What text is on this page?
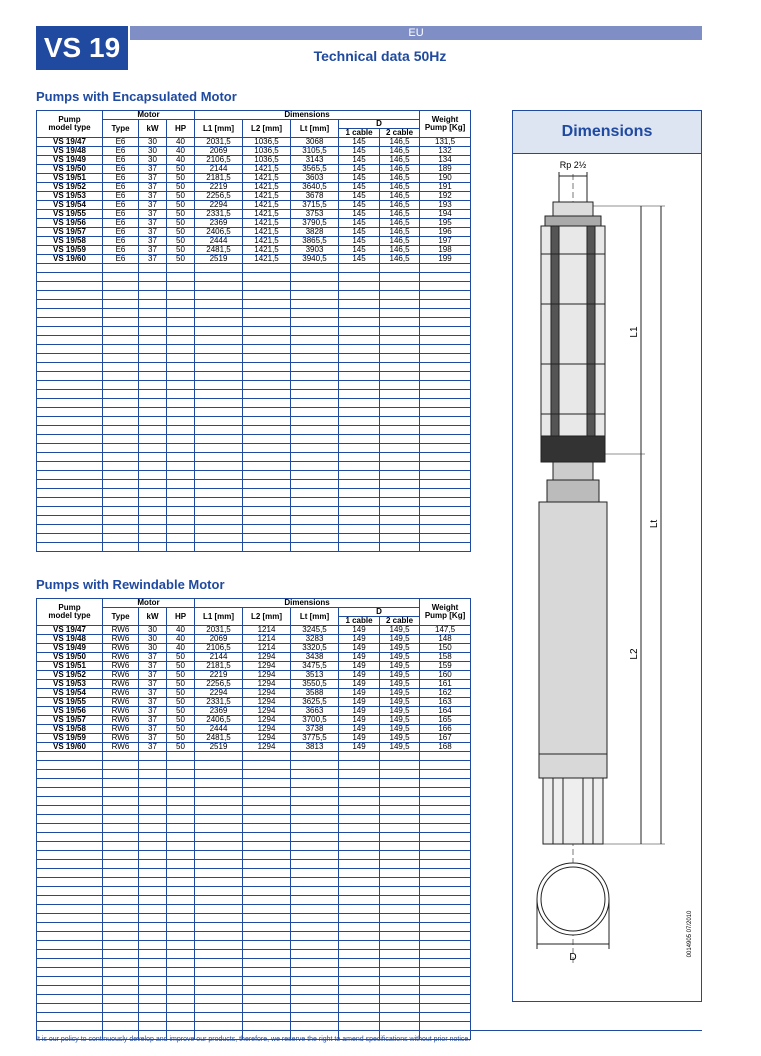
VS 19	EU
Technical data 50Hz
Pumps with Encapsulated Motor
Pump
model type	Motor			Dimensions					Weight
Pump [Kg]
	Type	kW	HP	L1 [mm]	L2 [mm]	Lt [mm]	D		
							1 cable	2 cable	
VS 19/47	E6	30	40	2031,5	1036,5	3068	145	146,5	131,5
VS 19/48	E6	30	40	2069	1036,5	3105,5	145	146,5	132
VS 19/49	E6	30	40	2106,5	1036,5	3143	145	146,5	134
VS 19/50	E6	37	50	2144	1421,5	3565,5	145	146,5	189
VS 19/51	E6	37	50	2181,5	1421,5	3603	145	146,5	190
VS 19/52	E6	37	50	2219	1421,5	3640,5	145	146,5	191
VS 19/53	E6	37	50	2256,5	1421,5	3678	145	146,5	192
VS 19/54	E6	37	50	2294	1421,5	3715,5	145	146,5	193
VS 19/55	E6	37	50	2331,5	1421,5	3753	145	146,5	194
VS 19/56	E6	37	50	2369	1421,5	3790,5	145	146,5	195
VS 19/57	E6	37	50	2406,5	1421,5	3828	145	146,5	196
VS 19/58	E6	37	50	2444	1421,5	3865,5	145	146,5	197
VS 19/59	E6	37	50	2481,5	1421,5	3903	145	146,5	198
VS 19/60	E6	37	50	2519	1421,5	3940,5	145	146,5	199

Pumps with Rewindable Motor
Pump
model type	Motor			Dimensions					Weight
Pump [Kg]
	Type	kW	HP	L1 [mm]	L2 [mm]	Lt [mm]	D		
							1 cable	2 cable	
VS 19/47	RW6	30	40	2031,5	1214	3245,5	149	149,5	147,5
VS 19/48	RW6	30	40	2069	1214	3283	149	149,5	148
VS 19/49	RW6	30	40	2106,5	1214	3320,5	149	149,5	150
VS 19/50	RW6	37	50	2144	1294	3438	149	149,5	158
VS 19/51	RW6	37	50	2181,5	1294	3475,5	149	149,5	159
VS 19/52	RW6	37	50	2219	1294	3513	149	149,5	160
VS 19/53	RW6	37	50	2256,5	1294	3550,5	149	149,5	161
VS 19/54	RW6	37	50	2294	1294	3588	149	149,5	162
VS 19/55	RW6	37	50	2331,5	1294	3625,5	149	149,5	163
VS 19/56	RW6	37	50	2369	1294	3663	149	149,5	164
VS 19/57	RW6	37	50	2406,5	1294	3700,5	149	149,5	165
VS 19/58	RW6	37	50	2444	1294	3738	149	149,5	166
VS 19/59	RW6	37	50	2481,5	1294	3775,5	149	149,5	167
VS 19/60	RW6	37	50	2519	1294	3813	149	149,5	168

Dimensions
Rp 2½
L1
Lt
L2
D
0014905 07/2010
It is our policy to continuously develop and improve our products, therefore, we reserve the right to amend specifications without prior notice.
